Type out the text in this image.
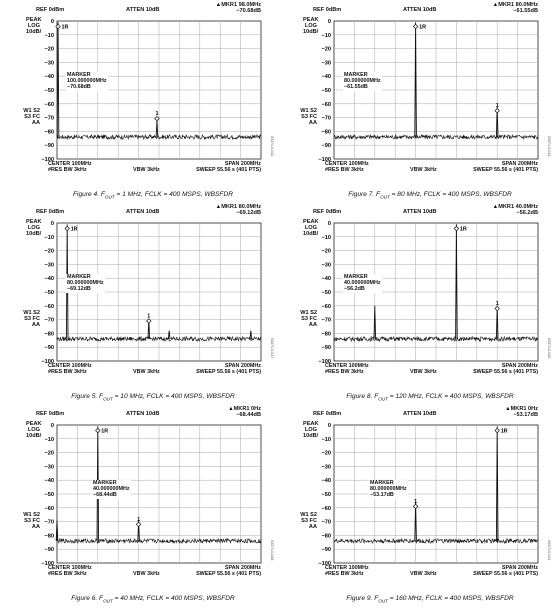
REF 0dBm	ATTEN 10dB
▲MKR1 98.0MHz
−70.68dB
PEAK
LOG
10dB/
W1 S2
S3 FC
AA
0
−10
−20
−30
−40
−50
−60
−70
−80
−90
−100
1R
1
MARKER
100.000000MHz
−70.68dB
CENTER 100MHz
#RES BW 3kHz	VBW 3kHz
SPAN 200MHz
SWEEP 55.56 s (401 PTS)
03374-0-014
Figure 4. $F_{OUT} = 1$ MHz, FCLK = 400 MSPS, WBSFDR
REF 0dBm	ATTEN 10dB
▲MKR1 80.0MHz
−61.55dB
PEAK
LOG
10dB/
W1 S2
S3 FC
AA
0
−10
−20
−30
−40
−50
−60
−70
−80
−90
−100
1R
1
MARKER
80.000000MHz
−61.55dB
CENTER 100MHz
#RES BW 3kHz	VBW 3kHz
SPAN 200MHz
SWEEP 55.56 s (401 PTS)
03374-0-013
Figure 7. $F_{OUT} = 80$ MHz, FCLK = 400 MSPS, WBSFDR
REF 0dBm	ATTEN 10dB
▲MKR1 80.0MHz
−69.12dB
PEAK
LOG
10dB/
W1 S2
S3 FC
AA
0
−10
−20
−30
−40
−50
−60
−70
−80
−90
−100
1R
1
MARKER
80.000000MHz
−69.12dB
CENTER 100MHz
#RES BW 3kHz	VBW 3kHz
SPAN 200MHz
SWEEP 55.56 s (401 PTS)
03374-0-017
Figure 5. $F_{OUT} = 10$ MHz, FCLK = 400 MSPS, WBSFDR
REF 0dBm	ATTEN 10dB
▲MKR1 40.0MHz
−56.2dB
PEAK
LOG
10dB/
W1 S2
S3 FC
AA
0
−10
−20
−30
−40
−50
−60
−70
−80
−90
−100
1R
1
MARKER
40.000000MHz
−56.2dB
CENTER 100MHz
#RES BW 3kHz	VBW 3kHz
SPAN 200MHz
SWEEP 55.56 s (401 PTS)
03374-0-020
Figure 8. $F_{OUT} = 120$ MHz, FCLK = 400 MSPS, WBSFDR
REF 0dBm	ATTEN 10dB
▲MKR1 0Hz
−68.44dB
PEAK
LOG
10dB/
W1 S2
S3 FC
AA
0
−10
−20
−30
−40
−50
−60
−70
−80
−90
−100
1R
1
MARKER
40.000000MHz
−68.44dB
CENTER 100MHz
#RES BW 3kHz	VBW 3kHz
SPAN 200MHz
SWEEP 55.56 s (401 PTS)
03374-0-018
Figure 6. $F_{OUT} = 40$ MHz, FCLK = 400 MSPS, WBSFDR
REF 0dBm	ATTEN 10dB
▲MKR1 0Hz
−53.17dB
PEAK
LOG
10dB/
W1 S2
S3 FC
AA
0
−10
−20
−30
−40
−50
−60
−70
−80
−90
−100
1R
1
MARKER
80.000000MHz
−53.17dB
CENTER 100MHz
#RES BW 3kHz	VBW 3kHz
SPAN 200MHz
SWEEP 55.56 s (401 PTS)
03374-0-021
Figure 9. $F_{OUT} = 160$ MHz, FCLK = 400 MSPS, WBSFDR
